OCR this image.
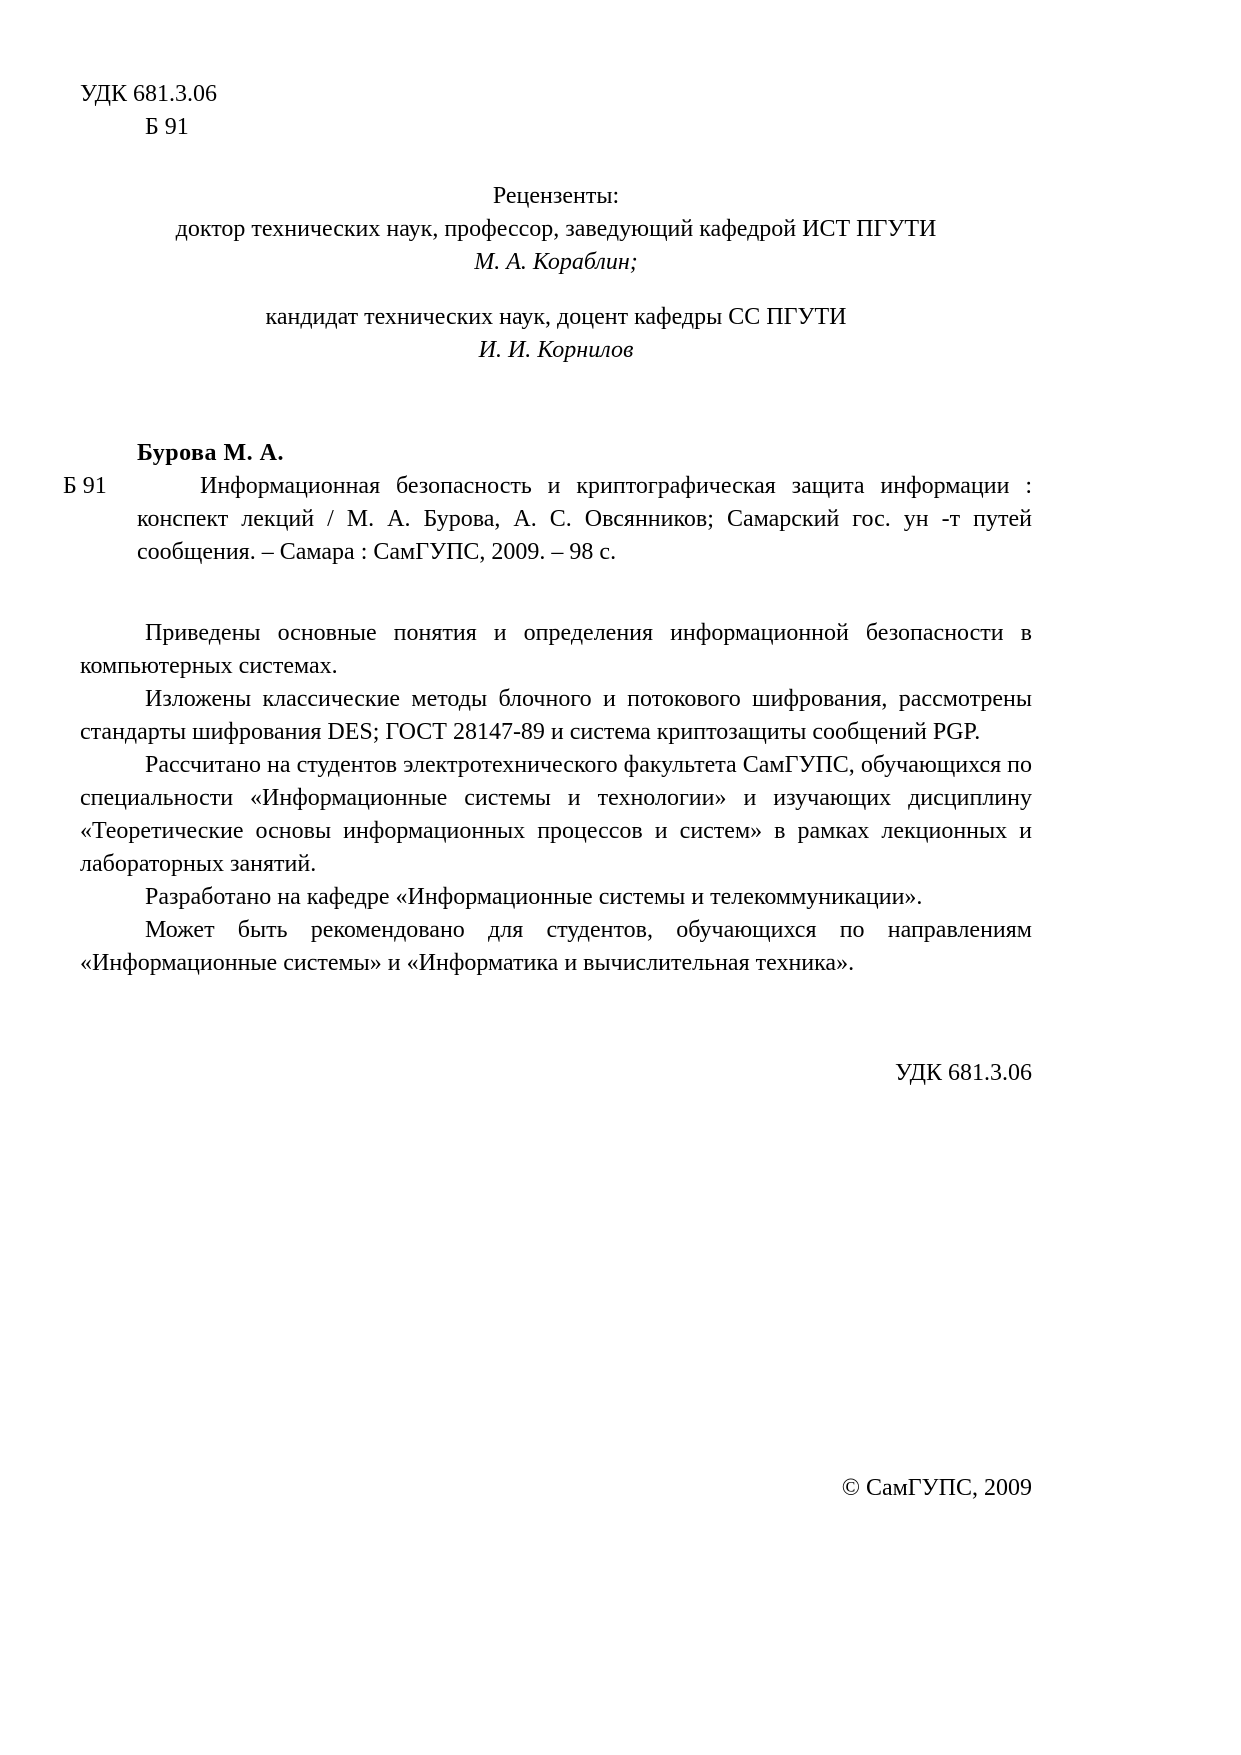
УДК 681.3.06

Б 91

Рецензенты:

доктор технических наук, профессор, заведующий кафедрой ИСТ ПГУТИ

М. А. Кораблин;

кандидат технических наук, доцент кафедры СС ПГУТИ

И. И. Корнилов

Бурова М. А.

Б 91	Информационная безопасность и криптографическая защита информации : конспект лекций / М. А. Бурова, А. С. Овсянников; Самарский гос. ун -т путей сообщения. – Самара : СамГУПС, 2009. – 98 с.

Приведены основные понятия и определения информационной безопасности в компьютерных системах.

Изложены классические методы блочного и потокового шифрования, рассмотрены стандарты шифрования DES; ГОСТ 28147-89 и система криптозащиты сообщений PGP.

Рассчитано на студентов электротехнического факультета СамГУПС, обучающихся по специальности «Информационные системы и технологии» и изучающих дисциплину «Теоретические основы информационных процессов и систем» в рамках лекционных и лабораторных занятий.

Разработано на кафедре «Информационные системы и телекоммуникации».

Может быть рекомендовано для студентов, обучающихся по направлениям «Информационные системы» и «Информатика и вычислительная техника».

УДК 681.3.06

© СамГУПС, 2009
